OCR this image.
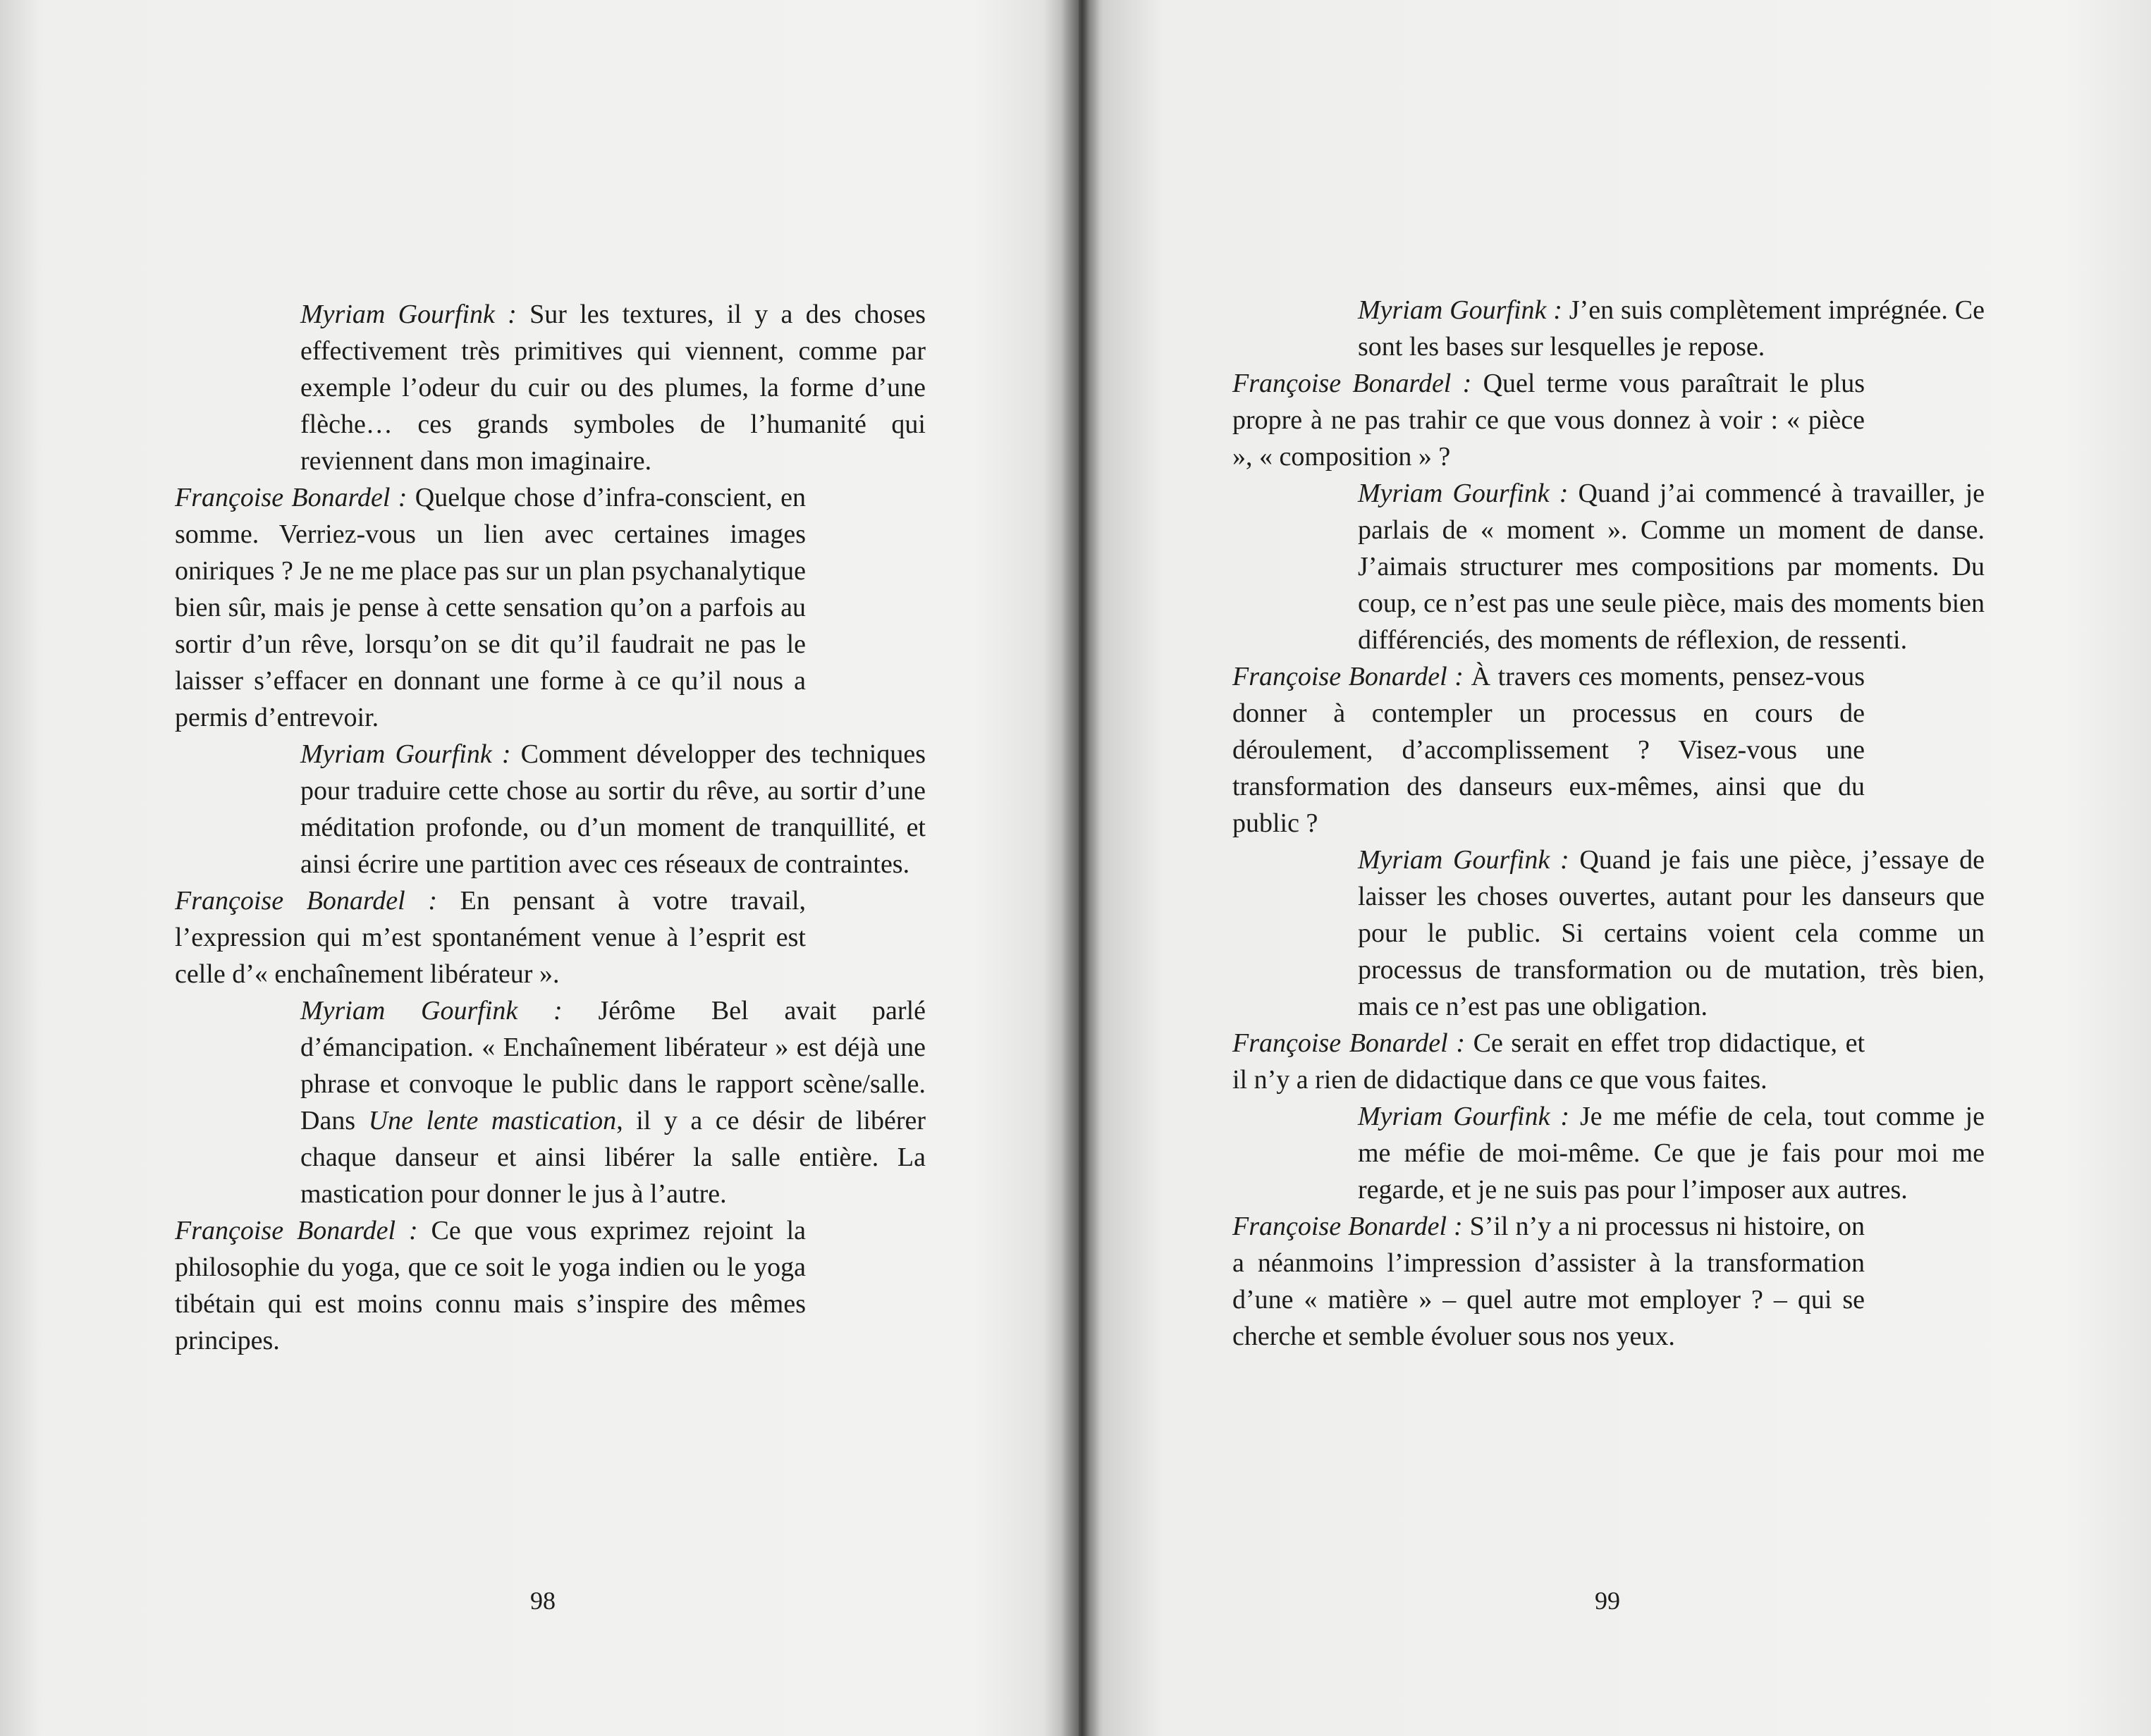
Myriam Gourfink : Sur les textures, il y a des choses effectivement très primitives qui viennent, comme par exemple l’odeur du cuir ou des plumes, la forme d’une flèche… ces grands symboles de l’humanité qui reviennent dans mon imaginaire.

Françoise Bonardel : Quelque chose d’infra-conscient, en somme. Verriez-vous un lien avec certaines images oniriques ? Je ne me place pas sur un plan psychanalytique bien sûr, mais je pense à cette sensation qu’on a parfois au sortir d’un rêve, lorsqu’on se dit qu’il faudrait ne pas le laisser s’effacer en donnant une forme à ce qu’il nous a permis d’entrevoir.

Myriam Gourfink : Comment développer des techniques pour traduire cette chose au sortir du rêve, au sortir d’une méditation profonde, ou d’un moment de tranquillité, et ainsi écrire une partition avec ces réseaux de contraintes.

Françoise Bonardel : En pensant à votre travail, l’expression qui m’est spontanément venue à l’esprit est celle d’« enchaînement libérateur ».

Myriam Gourfink : Jérôme Bel avait parlé d’émancipation. « Enchaînement libérateur » est déjà une phrase et convoque le public dans le rapport scène/salle. Dans Une lente mastication, il y a ce désir de libérer chaque danseur et ainsi libérer la salle entière. La mastication pour donner le jus à l’autre.

Françoise Bonardel : Ce que vous exprimez rejoint la philosophie du yoga, que ce soit le yoga indien ou le yoga tibétain qui est moins connu mais s’inspire des mêmes principes.

98

Myriam Gourfink : J’en suis complètement imprégnée. Ce sont les bases sur lesquelles je repose.

Françoise Bonardel : Quel terme vous paraîtrait le plus propre à ne pas trahir ce que vous donnez à voir : « pièce », « composition » ?

Myriam Gourfink : Quand j’ai commencé à travailler, je parlais de « moment ». Comme un moment de danse. J’aimais structurer mes compositions par moments. Du coup, ce n’est pas une seule pièce, mais des moments bien différenciés, des moments de réflexion, de ressenti.

Françoise Bonardel : À travers ces moments, pensez-vous donner à contempler un processus en cours de déroulement, d’accomplissement ? Visez-vous une transformation des danseurs eux-mêmes, ainsi que du public ?

Myriam Gourfink : Quand je fais une pièce, j’essaye de laisser les choses ouvertes, autant pour les danseurs que pour le public. Si certains voient cela comme un processus de transformation ou de mutation, très bien, mais ce n’est pas une obligation.

Françoise Bonardel : Ce serait en effet trop didactique, et il n’y a rien de didactique dans ce que vous faites.

Myriam Gourfink : Je me méfie de cela, tout comme je me méfie de moi-même. Ce que je fais pour moi me regarde, et je ne suis pas pour l’imposer aux autres.

Françoise Bonardel : S’il n’y a ni processus ni histoire, on a néanmoins l’impression d’assister à la transformation d’une « matière » – quel autre mot employer ? – qui se cherche et semble évoluer sous nos yeux.

99
